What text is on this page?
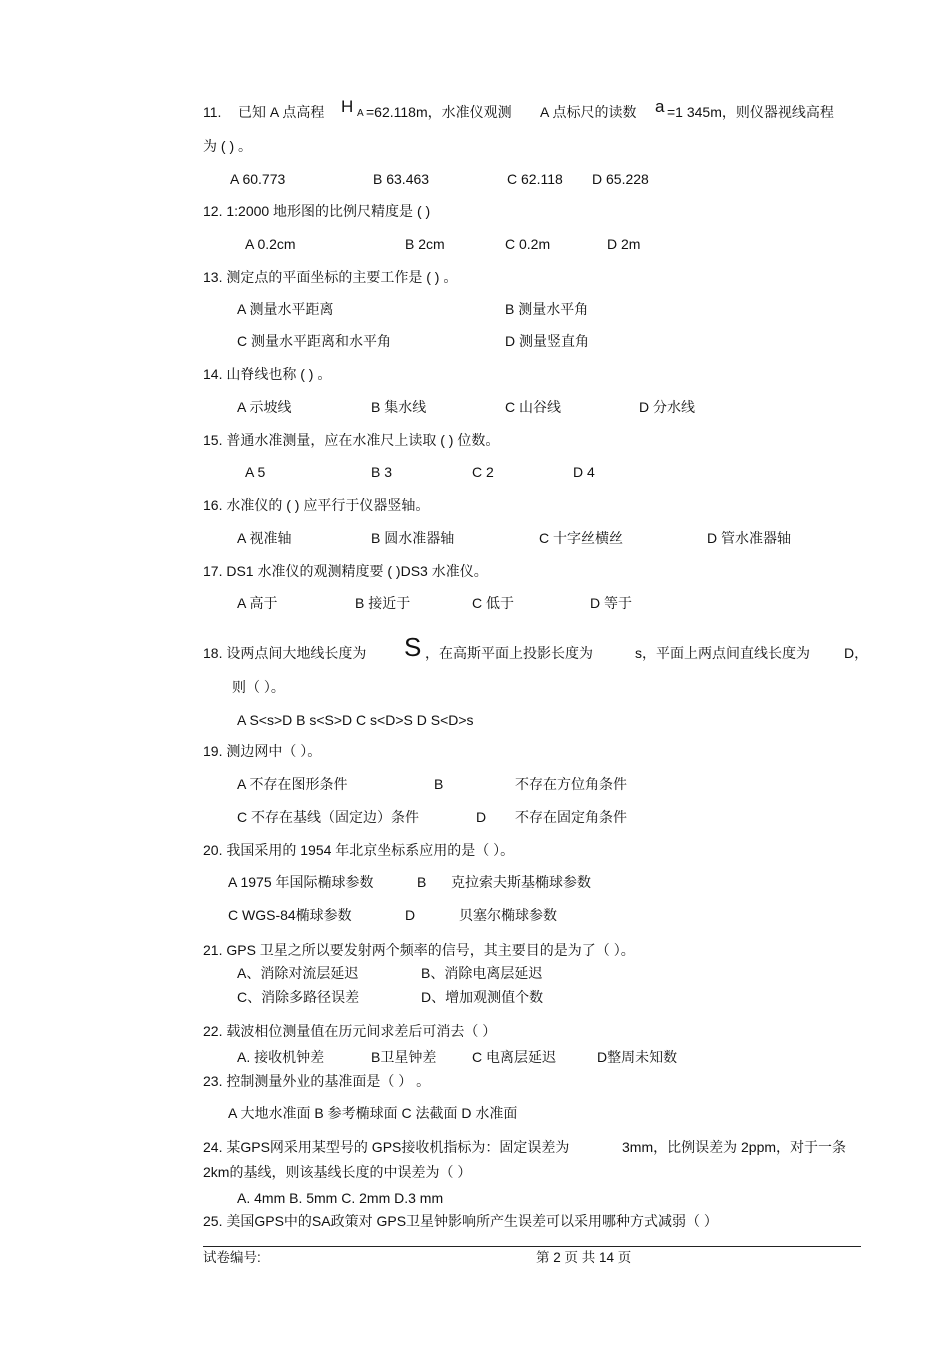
11. 已知 A 点高程 H A =62.118m，水准仪观测 A 点标尺的读数 a =1 345m，则仪器视线高程
为 ( ) 。
A 60.773	B 63.463	C 62.118 D 65.228
12. 1:2000 地形图的比例尺精度是 ( )
A 0.2cm	B 2cm	C 0.2m	D 2m
13. 测定点的平面坐标的主要工作是 ( ) 。
A 测量水平距离	B 测量水平角
C 测量水平距离和水平角	D 测量竖直角
14. 山脊线也称 ( ) 。
A 示坡线	B 集水线	C 山谷线	D 分水线
15. 普通水准测量，应在水准尺上读取 ( ) 位数。
A 5	B 3	C 2	D 4
16. 水准仪的 ( ) 应平行于仪器竖轴。
A 视准轴	B 圆水准器轴	C 十字丝横丝	D 管水准器轴
17. DS1 水准仪的观测精度要 ( )DS3 水准仪。
A 高于	B 接近于	C 低于	D 等于
18. 设两点间大地线长度为 S ，在高斯平面上投影长度为	s，平面上两点间直线长度为 D，
则（ ）。
A S<s>D B s<S>D C s<D>S D S<D>s
19. 测边网中（ ）。
A 不存在图形条件	B	不存在方位角条件
C 不存在基线（固定边）条件	D 不存在固定角条件
20. 我国采用的 1954 年北京坐标系应用的是（ ）。
A 1975 年国际椭球参数	B 克拉索夫斯基椭球参数
C WGS-84椭球参数	D	贝塞尔椭球参数
21. GPS 卫星之所以要发射两个频率的信号，其主要目的是为了（ ）。
A、消除对流层延迟	B、消除电离层延迟
C、消除多路径误差	D、增加观测值个数
22. 载波相位测量值在历元间求差后可消去（ ）
A. 接收机钟差	B卫星钟差	C 电离层延迟	D整周未知数
23. 控制测量外业的基准面是（ ） 。
A 大地水准面 B 参考椭球面 C 法截面 D 水准面
24. 某GPS网采用某型号的 GPS接收机指标为：固定误差为	3mm，比例误差为 2ppm，对于一条
2km的基线，则该基线长度的中误差为（ ）
A. 4mm B. 5mm C. 2mm D.3 mm
25. 美国GPS中的SA政策对 GPS卫星钟影响所产生误差可以采用哪种方式减弱（ ）
试卷编号:	第 2 页 共 14 页
